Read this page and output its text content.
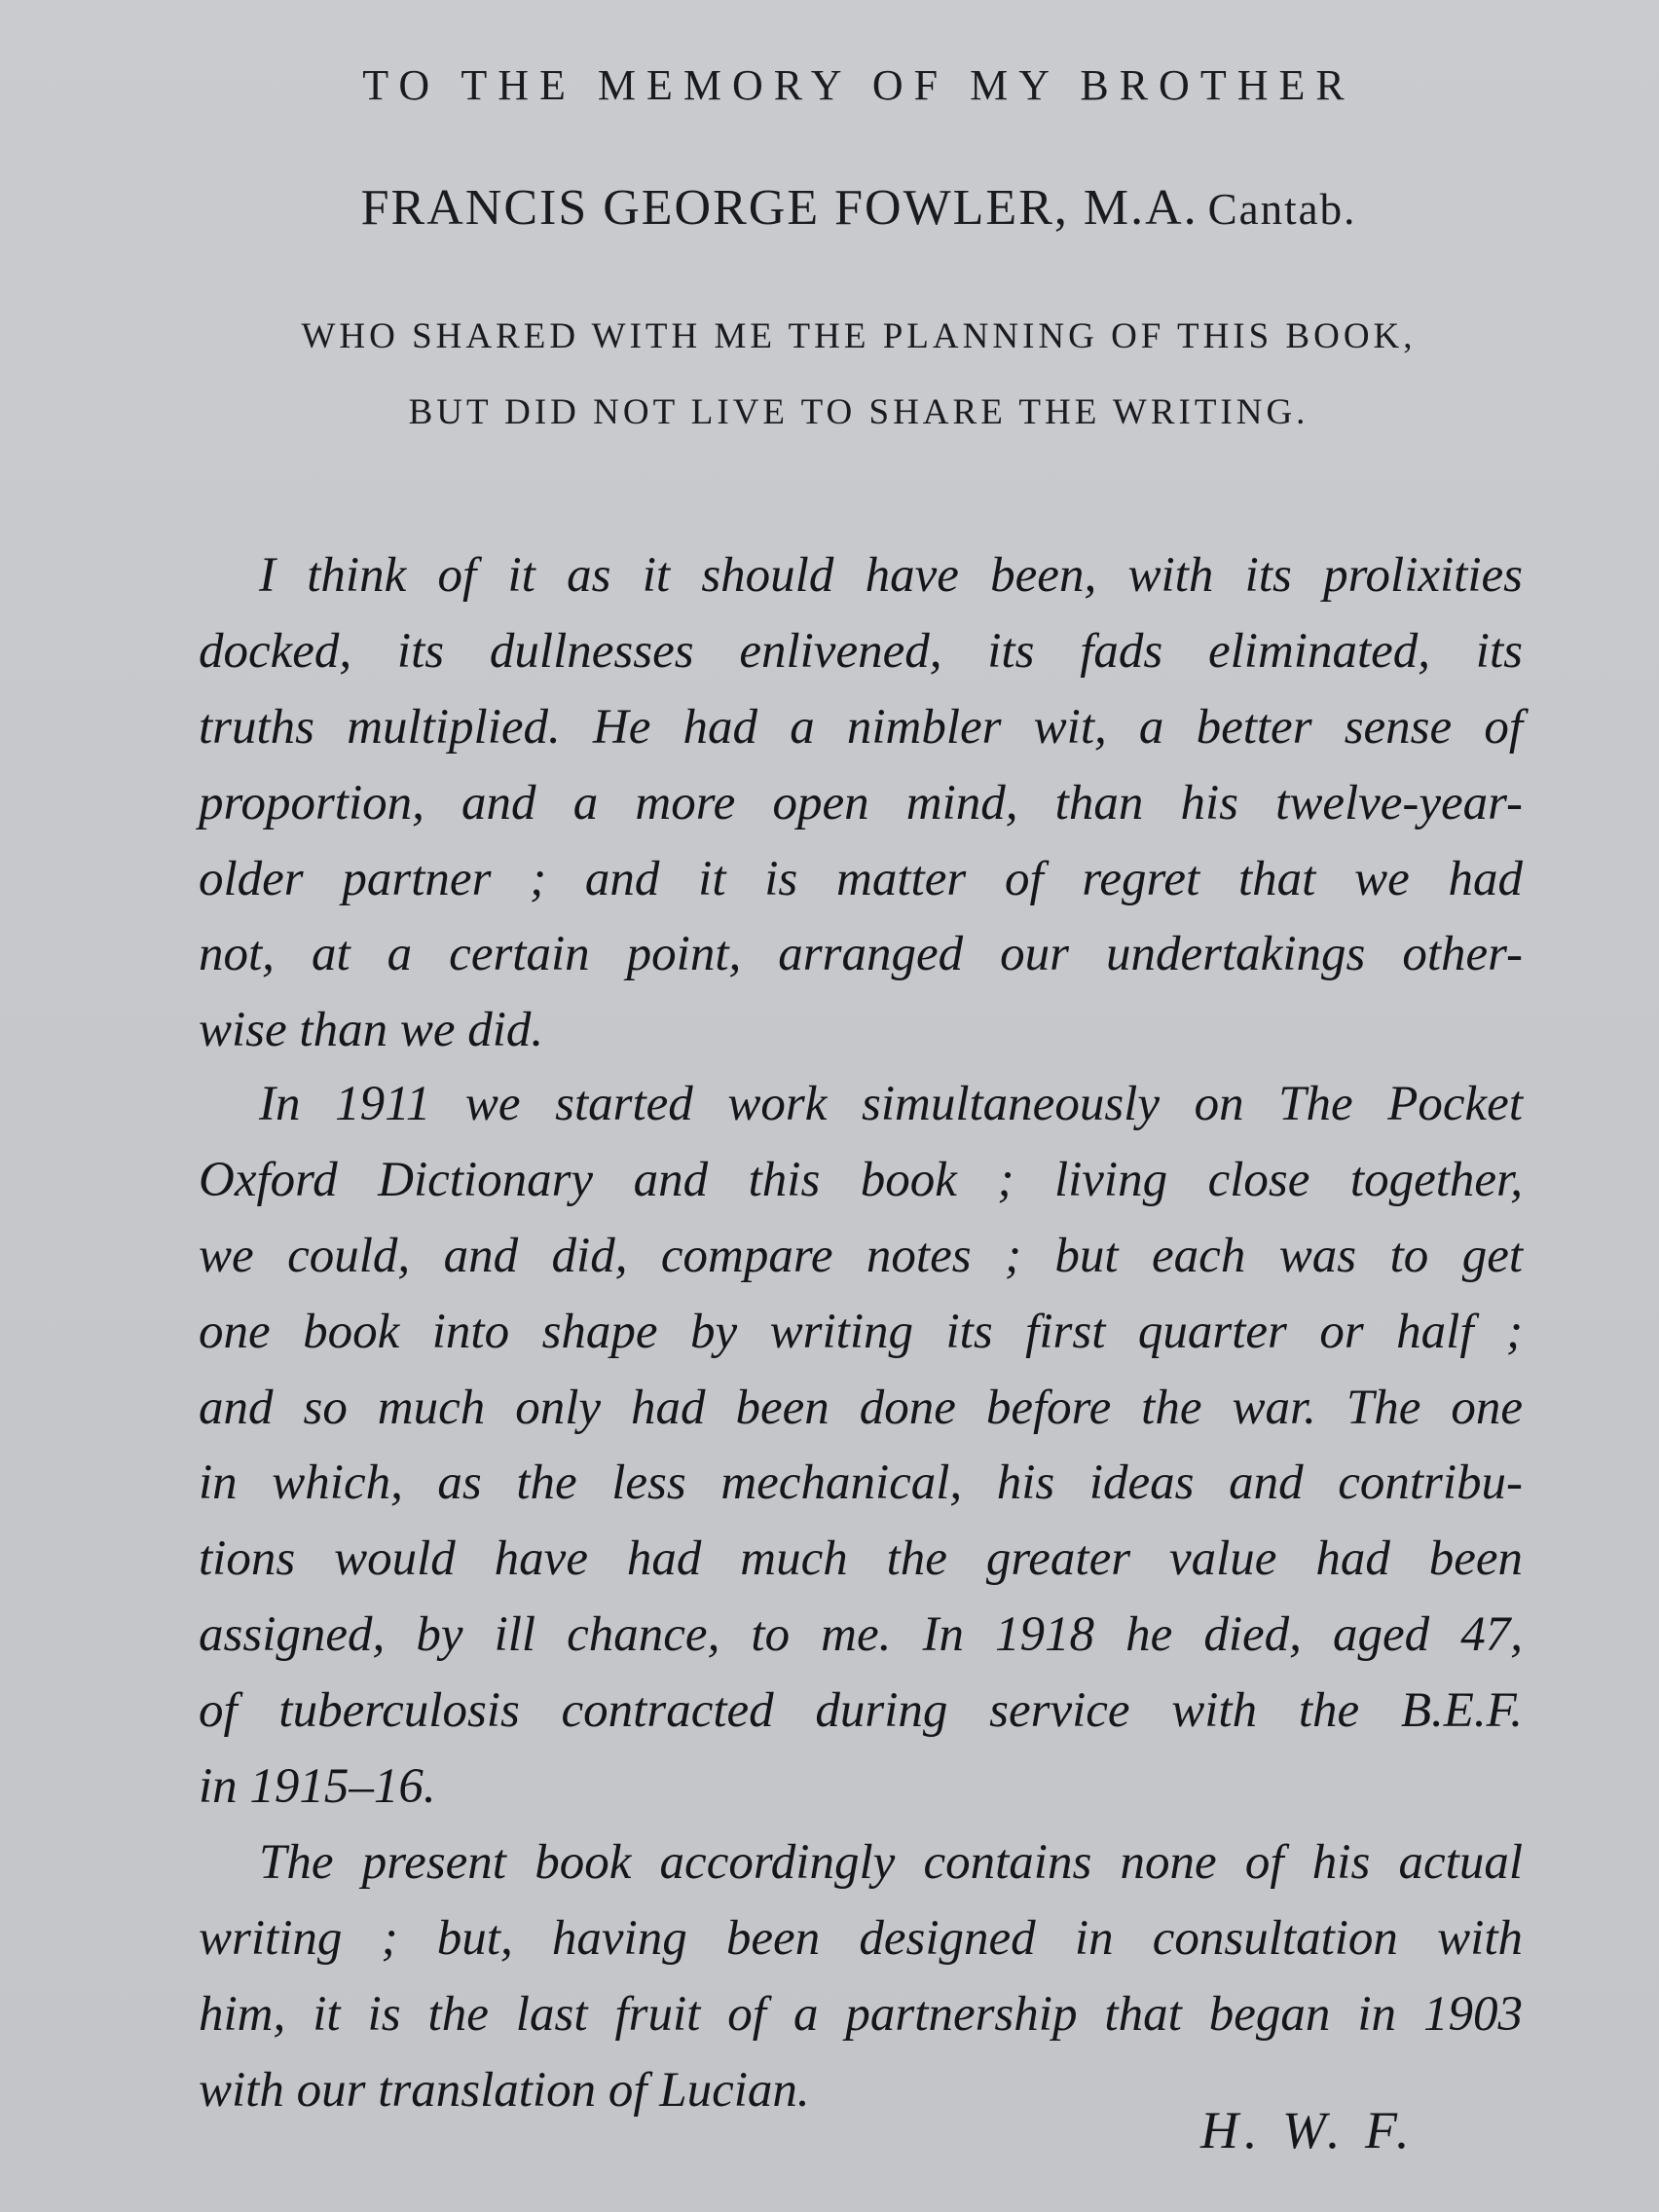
TO THE MEMORY OF MY BROTHER
FRANCIS GEORGE FOWLER, M.A. Cantab.
WHO SHARED WITH ME THE PLANNING OF THIS BOOK,
BUT DID NOT LIVE TO SHARE THE WRITING.
I think of it as it should have been, with its prolixities
docked, its dullnesses enlivened, its fads eliminated, its
truths multiplied. He had a nimbler wit, a better sense of
proportion, and a more open mind, than his twelve-year-
older partner ; and it is matter of regret that we had
not, at a certain point, arranged our undertakings other-
wise than we did.
In 1911 we started work simultaneously on The Pocket
Oxford Dictionary and this book ; living close together,
we could, and did, compare notes ; but each was to get
one book into shape by writing its first quarter or half ;
and so much only had been done before the war. The one
in which, as the less mechanical, his ideas and contribu-
tions would have had much the greater value had been
assigned, by ill chance, to me. In 1918 he died, aged 47,
of tuberculosis contracted during service with the B.E.F.
in 1915–16.
The present book accordingly contains none of his actual
writing ; but, having been designed in consultation with
him, it is the last fruit of a partnership that began in 1903
with our translation of Lucian.
H. W. F.
